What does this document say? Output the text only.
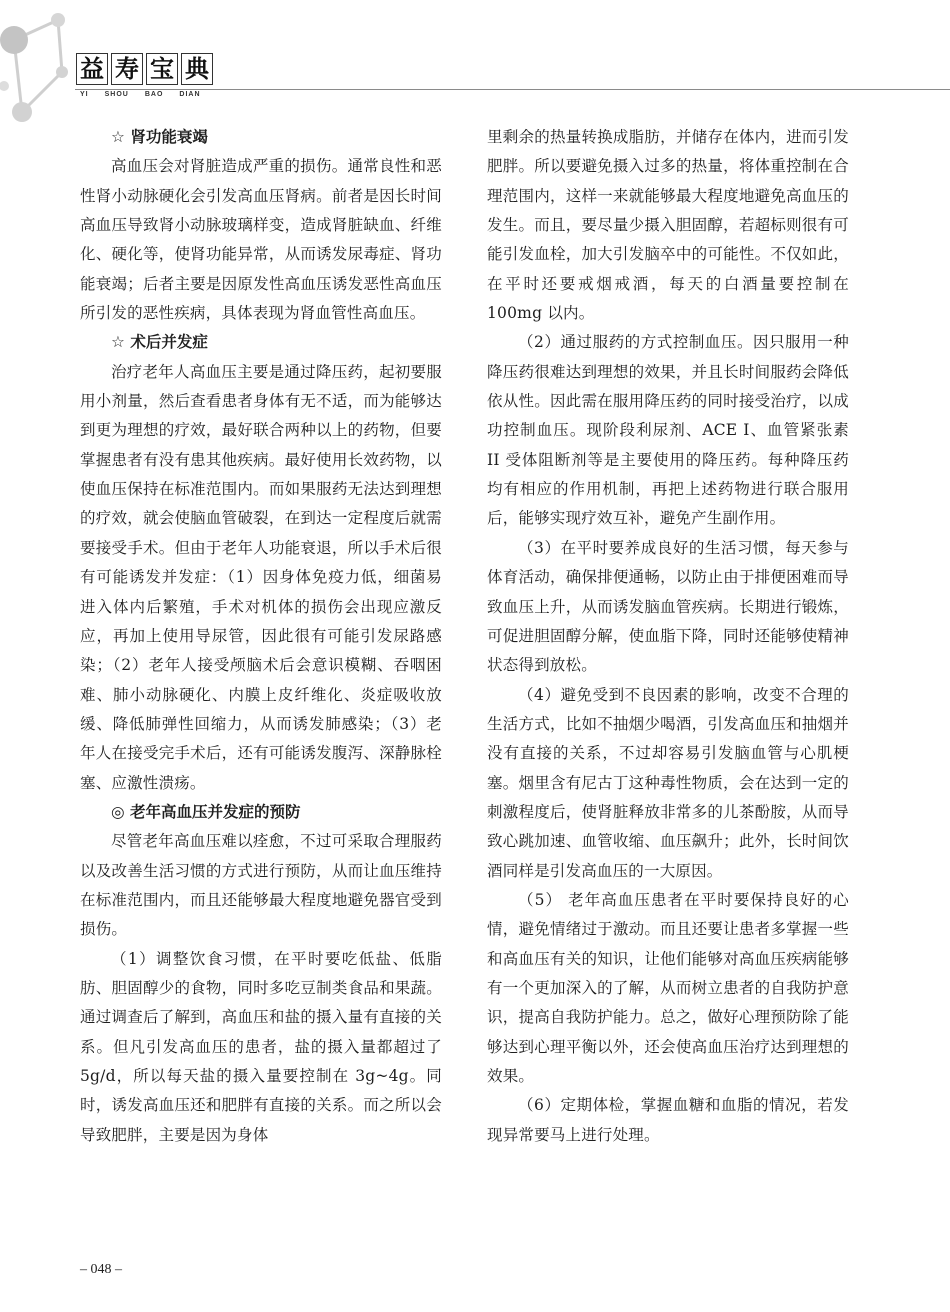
益 寿 宝 典
YI SHOU BAO DIAN

☆ 肾功能衰竭

高血压会对肾脏造成严重的损伤。通常良性和恶性肾小动脉硬化会引发高血压肾病。前者是因长时间高血压导致肾小动脉玻璃样变，造成肾脏缺血、纤维化、硬化等，使肾功能异常，从而诱发尿毒症、肾功能衰竭；后者主要是因原发性高血压诱发恶性高血压所引发的恶性疾病，具体表现为肾血管性高血压。

☆ 术后并发症

治疗老年人高血压主要是通过降压药，起初要服用小剂量，然后查看患者身体有无不适，而为能够达到更为理想的疗效，最好联合两种以上的药物，但要掌握患者有没有患其他疾病。最好使用长效药物，以使血压保持在标准范围内。而如果服药无法达到理想的疗效，就会使脑血管破裂，在到达一定程度后就需要接受手术。但由于老年人功能衰退，所以手术后很有可能诱发并发症：（1）因身体免疫力低，细菌易进入体内后繁殖，手术对机体的损伤会出现应激反应，再加上使用导尿管，因此很有可能引发尿路感染；（2）老年人接受颅脑术后会意识模糊、吞咽困难、肺小动脉硬化、内膜上皮纤维化、炎症吸收放缓、降低肺弹性回缩力，从而诱发肺感染；（3）老年人在接受完手术后，还有可能诱发腹泻、深静脉栓塞、应激性溃疡。

◎ 老年高血压并发症的预防

尽管老年高血压难以痊愈，不过可采取合理服药以及改善生活习惯的方式进行预防，从而让血压维持在标准范围内，而且还能够最大程度地避免器官受到损伤。

（1）调整饮食习惯，在平时要吃低盐、低脂肪、胆固醇少的食物，同时多吃豆制类食品和果蔬。通过调查后了解到，高血压和盐的摄入量有直接的关系。但凡引发高血压的患者，盐的摄入量都超过了 5g/d，所以每天盐的摄入量要控制在 3g~4g。同时，诱发高血压还和肥胖有直接的关系。而之所以会导致肥胖，主要是因为身体

里剩余的热量转换成脂肪，并储存在体内，进而引发肥胖。所以要避免摄入过多的热量，将体重控制在合理范围内，这样一来就能够最大程度地避免高血压的发生。而且，要尽量少摄入胆固醇，若超标则很有可能引发血栓，加大引发脑卒中的可能性。不仅如此，在平时还要戒烟戒酒，每天的白酒量要控制在 100mg 以内。

（2）通过服药的方式控制血压。因只服用一种降压药很难达到理想的效果，并且长时间服药会降低依从性。因此需在服用降压药的同时接受治疗，以成功控制血压。现阶段利尿剂、ACE I、血管紧张素 II 受体阻断剂等是主要使用的降压药。每种降压药均有相应的作用机制，再把上述药物进行联合服用后，能够实现疗效互补，避免产生副作用。

（3）在平时要养成良好的生活习惯，每天参与体育活动，确保排便通畅，以防止由于排便困难而导致血压上升，从而诱发脑血管疾病。长期进行锻炼，可促进胆固醇分解，使血脂下降，同时还能够使精神状态得到放松。

（4）避免受到不良因素的影响，改变不合理的生活方式，比如不抽烟少喝酒，引发高血压和抽烟并没有直接的关系，不过却容易引发脑血管与心肌梗塞。烟里含有尼古丁这种毒性物质，会在达到一定的刺激程度后，使肾脏释放非常多的儿茶酚胺，从而导致心跳加速、血管收缩、血压飙升；此外，长时间饮酒同样是引发高血压的一大原因。

（5） 老年高血压患者在平时要保持良好的心情，避免情绪过于激动。而且还要让患者多掌握一些和高血压有关的知识，让他们能够对高血压疾病能够有一个更加深入的了解，从而树立患者的自我防护意识，提高自我防护能力。总之，做好心理预防除了能够达到心理平衡以外，还会使高血压治疗达到理想的效果。

（6）定期体检，掌握血糖和血脂的情况，若发现异常要马上进行处理。

– 048 –
